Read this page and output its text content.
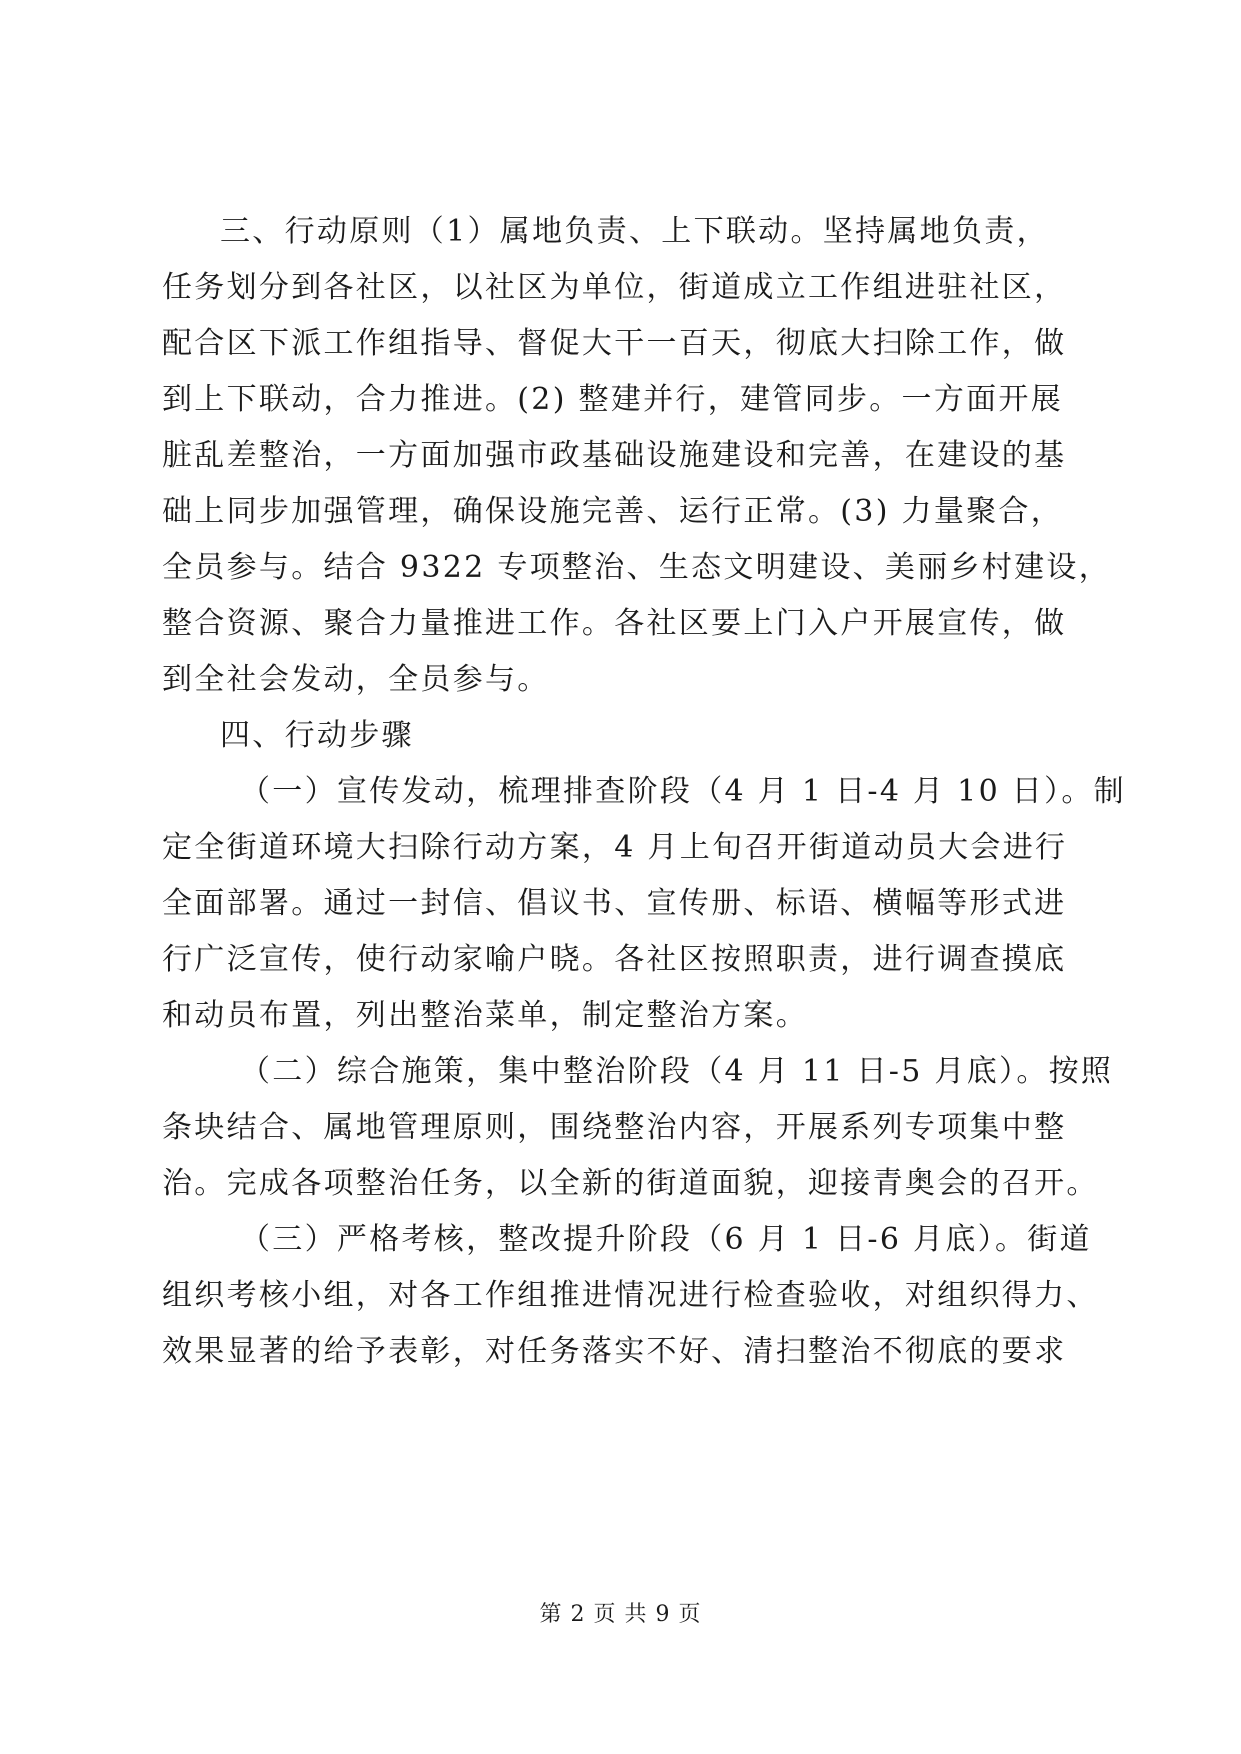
三、行动原则（1）属地负责、上下联动。坚持属地负责，
任务划分到各社区，以社区为单位，街道成立工作组进驻社区，
配合区下派工作组指导、督促大干一百天，彻底大扫除工作，做
到上下联动，合力推进。(2) 整建并行，建管同步。一方面开展
脏乱差整治，一方面加强市政基础设施建设和完善，在建设的基
础上同步加强管理，确保设施完善、运行正常。(3) 力量聚合，
全员参与。结合 9322 专项整治、生态文明建设、美丽乡村建设，
整合资源、聚合力量推进工作。各社区要上门入户开展宣传，做
到全社会发动，全员参与。
四、行动步骤
（一）宣传发动，梳理排查阶段（4 月 1 日-4 月 10 日）。制
定全街道环境大扫除行动方案，4 月上旬召开街道动员大会进行
全面部署。通过一封信、倡议书、宣传册、标语、横幅等形式进
行广泛宣传，使行动家喻户晓。各社区按照职责，进行调查摸底
和动员布置，列出整治菜单，制定整治方案。
（二）综合施策，集中整治阶段（4 月 11 日-5 月底）。按照
条块结合、属地管理原则，围绕整治内容，开展系列专项集中整
治。完成各项整治任务，以全新的街道面貌，迎接青奥会的召开。
（三）严格考核，整改提升阶段（6 月 1 日-6 月底）。街道
组织考核小组，对各工作组推进情况进行检查验收，对组织得力、
效果显著的给予表彰，对任务落实不好、清扫整治不彻底的要求
第 2 页 共 9 页
